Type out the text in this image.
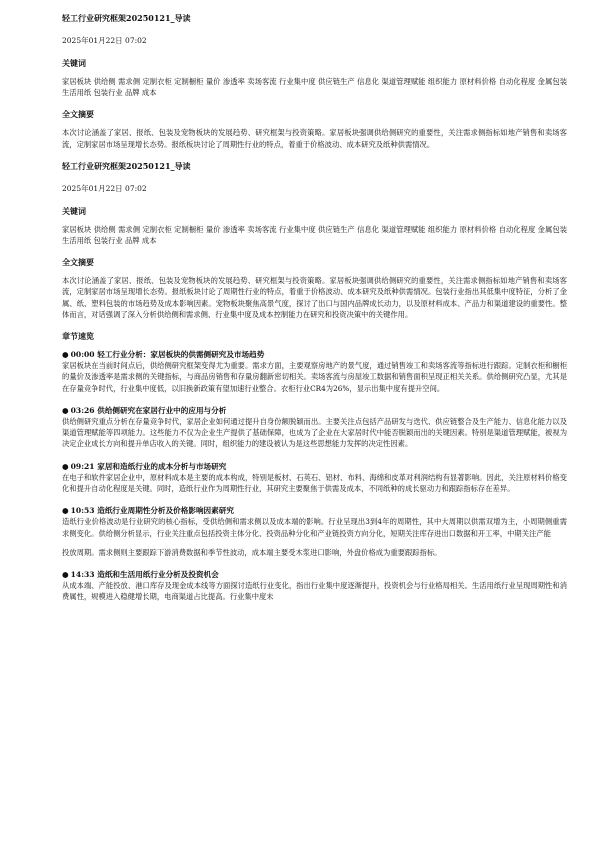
轻工行业研究框架20250121_导读

2025年01月22日 07:02

关键词

家居板块 供给侧 需求侧 定制衣柜 定制橱柜 量价 渗透率 卖场客流 行业集中度 供应链生产 信息化 渠道管理赋能 组织能力 原材料价格 自动化程度 金属包装 生活用纸 包装行业 品牌 成本

全文摘要

本次讨论涵盖了家居、报纸、包装及宠物板块的发展趋势、研究框架与投资策略。家居板块强调供给侧研究的重要性，关注需求侧指标如地产销售和卖场客流，定制家居市场呈现增长态势。报纸板块讨论了周期性行业的特点，着重于价格波动、成本研究及纸种供需情况。

轻工行业研究框架20250121_导读

2025年01月22日 07:02

关键词

家居板块 供给侧 需求侧 定制衣柜 定制橱柜 量价 渗透率 卖场客流 行业集中度 供应链生产 信息化 渠道管理赋能 组织能力 原材料价格 自动化程度 金属包装 生活用纸 包装行业 品牌 成本

全文摘要

本次讨论涵盖了家居、报纸、包装及宠物板块的发展趋势、研究框架与投资策略。家居板块强调供给侧研究的重要性，关注需求侧指标如地产销售和卖场客流，定制家居市场呈现增长态势。报纸板块讨论了周期性行业的特点，着重于价格波动、成本研究及纸种供需情况。包装行业指出其低集中度特征，分析了金属、纸、塑料包装的市场趋势及成本影响因素。宠物板块聚焦高景气度，探讨了出口与国内品牌成长动力，以及原材料成本、产品力和渠道建设的重要性。整体而言，对话强调了深入分析供给侧和需求侧、行业集中度及成本控制能力在研究和投资决策中的关键作用。

章节速览

● 00:00 轻工行业分析：家居板块的供需侧研究及市场趋势

家居板块在当前时间点后，供给侧研究框架变得尤为重要。需求方面，主要观察房地产的景气度，通过销售竣工和卖场客流等指标进行跟踪。定制衣柜和橱柜的量价及渗透率是需求侧的关键指标，与商品房销售和存量房翻新密切相关。卖场客流与房屋竣工数据和销售面积呈现正相关关系。供给侧研究凸显，尤其是在存量竞争时代，行业集中度低，以旧换新政策有望加速行业整合。衣柜行业CR4为26%，显示出集中度有提升空间。

● 03:26 供给侧研究在家居行业中的应用与分析

供给侧研究重点分析在存量竞争时代，家居企业如何通过提升自身份额脱颖而出。主要关注点包括产品研发与迭代、供应链整合及生产能力、信息化能力以及渠道管理赋能等四项能力。这些能力不仅为企业生产提供了基础保障，也成为了企业在大家居时代中能否脱颖而出的关键因素。特别是渠道管理赋能，被视为决定企业成长方向和提升单店收入的关键。同时，组织能力的建设被认为是这些思想能力发挥的决定性因素。

● 09:21 家居和造纸行业的成本分析与市场研究

在电子和软件家居企业中，原材料成本是主要的成本构成，特别是板材、石英石、铝材、布料、海绵和皮革对利润结构有显著影响。因此，关注原材料价格变化和提升自动化程度是关键。同时，造纸行业作为周期性行业，其研究主要聚焦于供需及成本，不同纸种的成长驱动力和跟踪指标存在差异。

● 10:53 造纸行业周期性分析及价格影响因素研究

造纸行业价格波动是行业研究的核心指标，受供给侧和需求侧以及成本端的影响。行业呈现出3到4年的周期性，其中大周期以供需双增为主，小周期侧重需求侧变化。供给侧分析显示，行业关注重点包括投资主体分化、投资品种分化和产业链投资方向分化，短期关注库存进出口数据和开工率，中期关注产能

投放周期。需求侧则主要跟踪下游消费数据和季节性波动，成本端主要受木浆进口影响，外盘价格成为重要跟踪指标。

● 14:33 造纸和生活用纸行业分析及投资机会

从成本端、产能投放、港口库存及现金成本线等方面探讨造纸行业变化，指出行业集中度逐渐提升，投资机会与行业格局相关。生活用纸行业呈现周期性和消费属性，规模进入稳健增长期，电商渠道占比提高。行业集中度未
